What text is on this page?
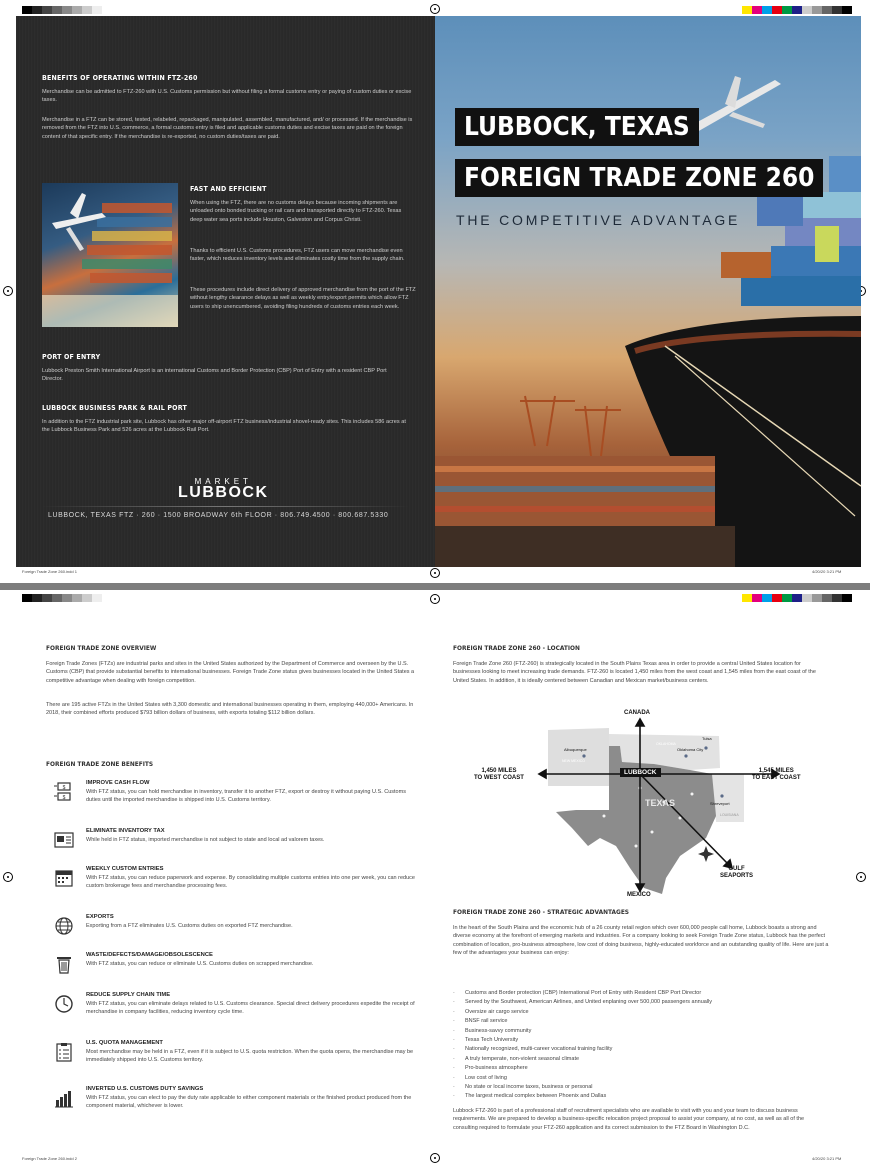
Foreign Trade Zone 260.indd 1	4/20/20 3:21 PM
BENEFITS OF OPERATING WITHIN FTZ-260
Merchandise can be admitted to FTZ-260 with U.S. Customs permission but without filing a formal customs entry or paying of custom duties or excise taxes.
Merchandise in a FTZ can be stored, tested, relabeled, repackaged, manipulated, assembled, manufactured, and/ or processed. If the merchandise is removed from the FTZ into U.S. commerce, a formal customs entry is filed and applicable customs duties and excise taxes are paid on the foreign content of that specific entry. If the merchandise is re-exported, no custom duties/taxes are paid.
FAST AND EFFICIENT
When using the FTZ, there are no customs delays because incoming shipments are unloaded onto bonded trucking or rail cars and transported directly to FTZ-260. Texas deep water sea ports include Houston, Galveston and Corpus Christi.
Thanks to efficient U.S. Customs procedures, FTZ users can move merchandise even faster, which reduces inventory levels and eliminates costly time from the supply chain.
These procedures include direct delivery of approved merchandise from the port of the FTZ without lengthy clearance delays as well as weekly entry/export permits which allow FTZ users to ship unencumbered, avoiding filing hundreds of customs entries each week.
PORT OF ENTRY
Lubbock Preston Smith International Airport is an international Customs and Border Protection (CBP) Port of Entry with a resident CBP Port Director.
LUBBOCK BUSINESS PARK & RAIL PORT
In addition to the FTZ industrial park site, Lubbock has other major off-airport FTZ business/industrial shovel-ready sites. This includes 586 acres at the Lubbock Business Park and 526 acres at the Lubbock Rail Port.
MARKET
LUBBOCK
LUBBOCK, TEXAS FTZ · 260 · 1500 BROADWAY 6th FLOOR · 806.749.4500 · 800.687.5330
LUBBOCK, TEXAS
FOREIGN TRADE ZONE 260
THE COMPETITIVE ADVANTAGE
Foreign Trade Zone 260.indd 2	4/20/20 3:21 PM
FOREIGN TRADE ZONE OVERVIEW
Foreign Trade Zones (FTZs) are industrial parks and sites in the United States authorized by the Department of Commerce and overseen by the U.S. Customs (CBP) that provide substantial benefits to international businesses. Foreign Trade Zone status gives businesses located in the United States a competitive advantage when dealing with foreign competition.
There are 195 active FTZs in the United States with 3,300 domestic and international businesses operating in them, employing 440,000+ Americans. In 2018, their combined efforts produced $793 billion dollars of business, with exports totaling $112 billion dollars.
FOREIGN TRADE ZONE BENEFITS
$
$
IMPROVE CASH FLOW
With FTZ status, you can hold merchandise in inventory, transfer it to another FTZ, export or destroy it without paying U.S. Customs duties until the imported merchandise is shipped into U.S. Customs territory.
ELIMINATE INVENTORY TAX
While held in FTZ status, imported merchandise is not subject to state and local ad valorem taxes.
WEEKLY CUSTOM ENTRIES
With FTZ status, you can reduce paperwork and expense. By consolidating multiple customs entries into one per week, you can reduce custom brokerage fees and merchandise processing fees.
EXPORTS
Exporting from a FTZ eliminates U.S. Customs duties on exported FTZ merchandise.
WASTE/DEFECTS/DAMAGE/OBSOLESCENCE
With FTZ status, you can reduce or eliminate U.S. Customs duties on scrapped merchandise.
REDUCE SUPPLY CHAIN TIME
With FTZ status, you can eliminate delays related to U.S. Customs clearance. Special direct delivery procedures expedite the receipt of merchandise in company facilities, reducing inventory cycle time.
U.S. QUOTA MANAGEMENT
Most merchandise may be held in a FTZ, even if it is subject to U.S. quota restriction. When the quota opens, the merchandise may be immediately shipped into U.S. Customs territory.
INVERTED U.S. CUSTOMS DUTY SAVINGS
With FTZ status, you can elect to pay the duty rate applicable to either component materials or the finished product produced from the component material, whichever is lower.
FOREIGN TRADE ZONE 260 - LOCATION
Foreign Trade Zone 260 (FTZ-260) is strategically located in the South Plains Texas area in order to provide a central United States location for businesses looking to meet increasing trade demands. FTZ-260 is located 1,450 miles from the west coast and 1,545 miles from the east coast of the United States. In addition, it is ideally centered between Canadian and Mexican market/business centers.
CANADA
MEXICO
1,450 MILES
TO WEST COAST
1,545 MILES
TO EAST COAST
GULF
SEAPORTS
LUBBOCK
TEXAS
Albuquerque
Tulsa
Oklahoma City
Shreveport
OKLAHOMA
NEW MEXICO
LOUISIANA
FOREIGN TRADE ZONE 260 - STRATEGIC ADVANTAGES
In the heart of the South Plains and the economic hub of a 26 county retail region which over 600,000 people call home, Lubbock boasts a strong and diverse economy at the forefront of emerging markets and industries. For a company looking to seek Foreign Trade Zone status, Lubbock has the perfect combination of location, pro-business atmosphere, low cost of doing business, highly-educated workforce and an outstanding quality of life. Here are just a few of the advantages your business can enjoy:
· Customs and Border protection (CBP) International Port of Entry with Resident CBP Port Director
· Served by the Southwest, American Airlines, and United enplaning over 500,000 passengers annually
· Oversize air cargo service
· BNSF rail service
· Business-savvy community
· Texas Tech University
· Nationally recognized, multi-career vocational training facility
· A truly temperate, non-violent seasonal climate
· Pro-business atmosphere
· Low cost of living
· No state or local income taxes, business or personal
· The largest medical complex between Phoenix and Dallas
Lubbock FTZ-260 is part of a professional staff of recruitment specialists who are available to visit with you and your team to discuss business requirements. We are prepared to develop a business-specific relocation project proposal to assist your company, at no cost, as well as all of the consulting required to formulate your FTZ-260 application and its correct submission to the FTZ Board in Washington D.C.
